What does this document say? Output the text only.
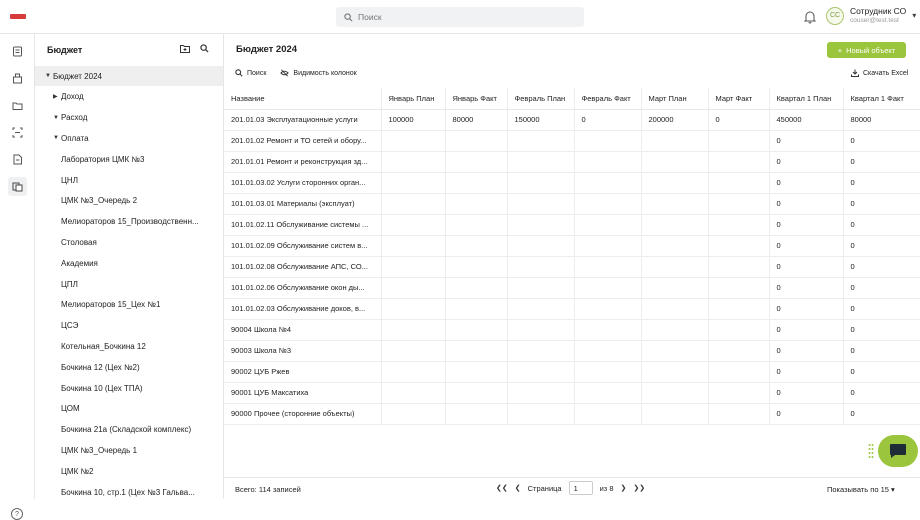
Поиск
СС	Сотрудник СО
couser@test.test
▾
?
Бюджет
▼ Бюджет 2024
▶ Доход
▼ Расход
▼ Оплата
Лаборатория ЦМК №3
ЦНЛ
ЦМК №3_Очередь 2
Мелиораторов 15_Производственн...
Столовая
Академия
ЦПЛ
Мелиораторов 15_Цех №1
ЦСЭ
Котельная_Бочкина 12
Бочкина 12 (Цех №2)
Бочкина 10 (Цех ТПА)
ЦОМ
Бочкина 21а (Складской комплекс)
ЦМК №3_Очередь 1
ЦМК №2
Бочкина 10, стр.1 (Цех №3 Гальва...
Бюджет 2024	+ Новый объект
Поиск	Видимость колонок	Скачать Excel
Название	Январь План	Январь Факт	Февраль План	Февраль Факт	Март План	Март Факт	Квартал 1 План	Квартал 1 Факт
201.01.03 Эксплуатационные услуги	100000	80000	150000	0	200000	0	450000	80000
201.01.02 Ремонт и ТО сетей и обору...							0	0
201.01.01 Ремонт и реконструкция зд...							0	0
101.01.03.02 Услуги сторонних орган...							0	0
101.01.03.01 Материалы (эксплуат)							0	0
101.01.02.11 Обслуживание системы ...							0	0
101.01.02.09 Обслуживание систем в...							0	0
101.01.02.08 Обслуживание АПС, СО...							0	0
101.01.02.06 Обслуживание окон ды...							0	0
101.01.02.03 Обслуживание доков, в...							0	0
90004 Школа №4							0	0
90003 Школа №3							0	0
90002 ЦУБ Ржев							0	0
90001 ЦУБ Максатиха							0	0
90000 Прочее (сторонние объекты)							0	0
Всего: 114 записей	❮❮ ❮ Страница	1	из 8 ❯ ❯❯	Показывать по 15 ▾
